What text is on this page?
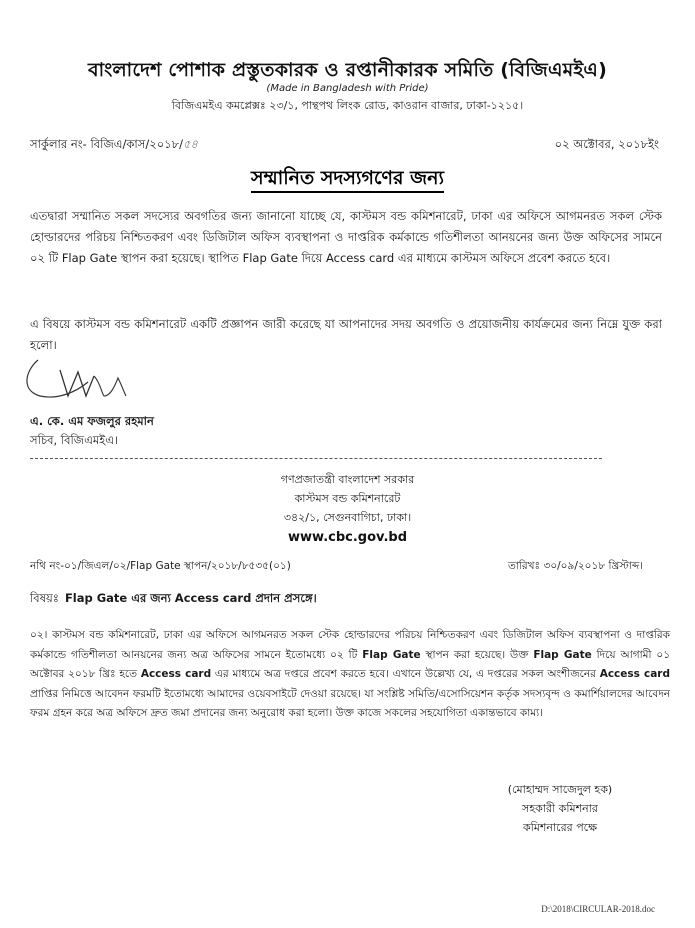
বাংলাদেশ পোশাক প্রস্তুতকারক ও রপ্তানীকারক সমিতি (বিজিএমইএ)
(Made in Bangladesh with Pride)
বিজিএমইএ কমপ্লেক্সঃ ২৩/১, পান্থপথ লিংক রোড, কাওরান বাজার, ঢাকা-১২১৫।
সার্কুলার নং- বিজিএ/কাস/২০১৮/৫৪	০২ অক্টোবর, ২০১৮ইং
সম্মানিত সদস্যগণের জন্য
এতদ্বারা সম্মানিত সকল সদস্যের অবগতির জন্য জানানো যাচ্ছে যে, কাস্টমস বন্ড কমিশনারেট, ঢাকা এর অফিসে আগমনরত সকল স্টেক হোল্ডারদের পরিচয় নিশ্চিতকরণ এবং ডিজিটাল অফিস ব্যবস্থাপনা ও দাপ্তরিক কর্মকান্ডে গতিশীলতা আনয়নের জন্য উক্ত অফিসের সামনে ০২ টি Flap Gate স্থাপন করা হয়েছে। স্থাপিত Flap Gate দিয়ে Access card এর মাধ্যমে কাস্টমস অফিসে প্রবেশ করতে হবে।
এ বিষয়ে কাস্টমস বন্ড কমিশনারেট একটি প্রজ্ঞাপন জারী করেছে যা আপনাদের সদয় অবগতি ও প্রয়োজনীয় কার্যক্রমের জন্য নিম্নে যুক্ত করা হলো।
এ. কে. এম ফজলুর রহমান
সচিব, বিজিএমইএ।
গণপ্রজাতন্ত্রী বাংলাদেশ সরকার
কাস্টমস বন্ড কমিশনারেট
৩৪২/১, সেগুনবাগিচা, ঢাকা।
www.cbc.gov.bd
নথি নং-০১/জিএল/০২/Flap Gate স্থাপন/২০১৮/৮৫৩৫(০১)	তারিখঃ ৩০/০৯/২০১৮ খ্রিস্টাব্দ।
বিষয়ঃ Flap Gate এর জন্য Access card প্রদান প্রসঙ্গে।
০২। কাস্টমস বন্ড কমিশনারেট, ঢাকা এর অফিসে আগমনরত সকল স্টেক হোল্ডারদের পরিচয় নিশ্চিতকরণ এবং ডিজিটাল অফিস ব্যবস্থাপনা ও দাপ্তরিক কর্মকান্ডে গতিশীলতা আনয়নের জন্য অত্র অফিসের সামনে ইতোমধ্যে ০২ টি Flap Gate স্থাপন করা হয়েছে। উক্ত Flap Gate দিয়ে আগামী ০১ অক্টোবর ২০১৮ খ্রিঃ হতে Access card এর মাধ্যমে অত্র দপ্তরে প্রবেশ করতে হবে। এখানে উল্লেখ্য যে, এ দপ্তরের সকল অংশীজনের Access card প্রাপ্তির নিমিত্তে আবেদন ফরমটি ইতোমধ্যে আমাদের ওয়েবসাইটে দেওয়া রয়েছে। যা সংশ্লিষ্ট সমিতি/এসোসিয়েশন কর্তৃক সদস্যবৃন্দ ও কমার্শিয়ালদের আবেদন ফরম গ্রহন করে অত্র অফিসে দ্রুত জমা প্রদানের জন্য অনুরোধ করা হলো। উক্ত কাজে সকলের সহযোগিতা একান্তভাবে কাম্য।
(মোহাম্মদ সাজেদুল হক)
সহকারী কমিশনার
কমিশনারের পক্ষে
D:\2018\CIRCULAR-2018.doc
